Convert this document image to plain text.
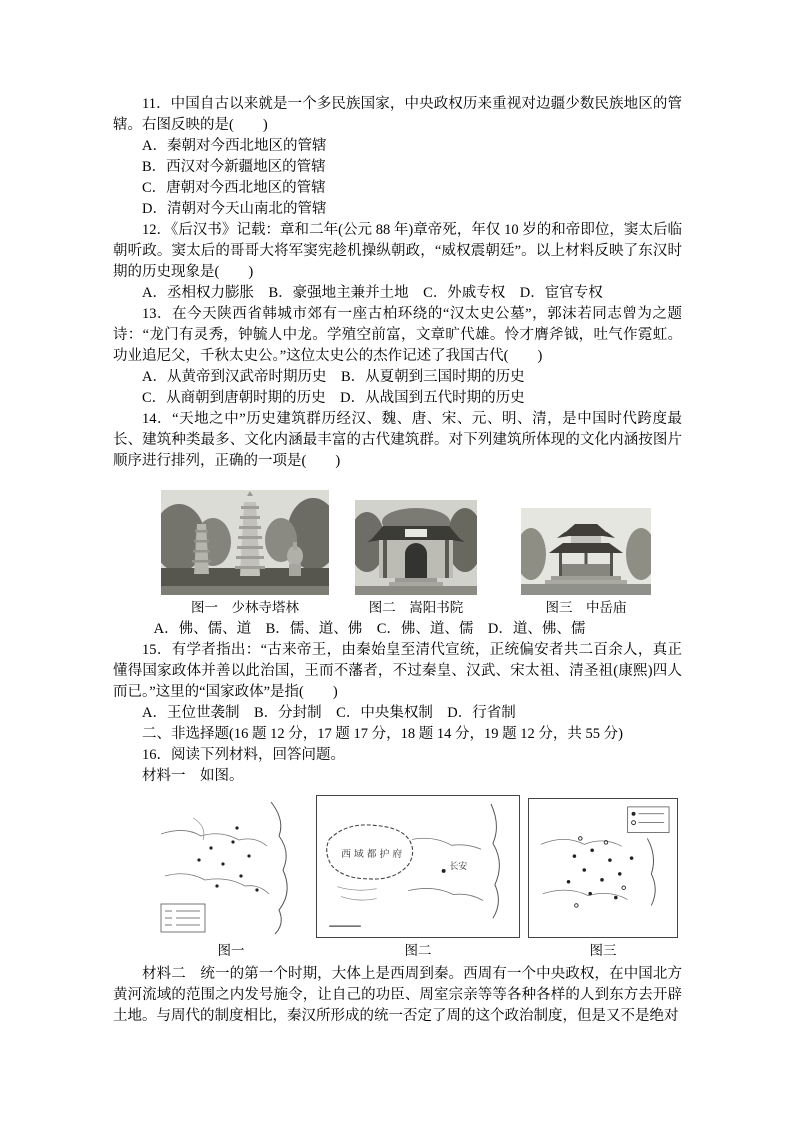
11．中国自古以来就是一个多民族国家，中央政权历来重视对边疆少数民族地区的管辖。右图反映的是(　　)

A．秦朝对今西北地区的管辖

B．西汉对今新疆地区的管辖

C．唐朝对今西北地区的管辖

D．清朝对今天山南北的管辖

12．《后汉书》记载：章和二年(公元 88 年)章帝死，年仅 10 岁的和帝即位，窦太后临朝听政。窦太后的哥哥大将军窦宪趁机操纵朝政，“威权震朝廷”。以上材料反映了东汉时期的历史现象是(　　)

A．丞相权力膨胀　B．豪强地主兼并土地　C．外戚专权　D．宦官专权

13．在今天陕西省韩城市郊有一座古柏环绕的“汉太史公墓”，郭沫若同志曾为之题诗：“龙门有灵秀，钟毓人中龙。学殖空前富，文章旷代雄。怜才膺斧钺，吐气作霓虹。功业追尼父，千秋太史公。”这位太史公的杰作记述了我国古代(　　)

A．从黄帝到汉武帝时期历史　B．从夏朝到三国时期的历史

C．从商朝到唐朝时期的历史　D．从战国到五代时期的历史

14．“天地之中”历史建筑群历经汉、魏、唐、宋、元、明、清，是中国时代跨度最长、建筑种类最多、文化内涵最丰富的古代建筑群。对下列建筑所体现的文化内涵按图片顺序进行排列，正确的一项是(　　)

图一　少林寺塔林	图二　嵩阳书院	图三　中岳庙

A．佛、儒、道　B．儒、道、佛　C．佛、道、儒　D．道、佛、儒

15．有学者指出：“古来帝王，由秦始皇至清代宣统，正统偏安者共二百余人，真正懂得国家政体并善以此治国，王而不藩者，不过秦皇、汉武、宋太祖、清圣祖(康熙)四人而已。”这里的“国家政体”是指(　　)

A．王位世袭制　B．分封制　C．中央集权制　D．行省制

二、非选择题(16 题 12 分，17 题 17 分，18 题 14 分，19 题 12 分，共 55 分)

16．阅读下列材料，回答问题。

材料一　如图。

图一
西域都护府
长安
图二	图三

材料二　统一的第一个时期，大体上是西周到秦。西周有一个中央政权，在中国北方黄河流域的范围之内发号施令，让自己的功臣、周室宗亲等等各种各样的人到东方去开辟土地。与周代的制度相比，秦汉所形成的统一否定了周的这个政治制度，但是又不是绝对
